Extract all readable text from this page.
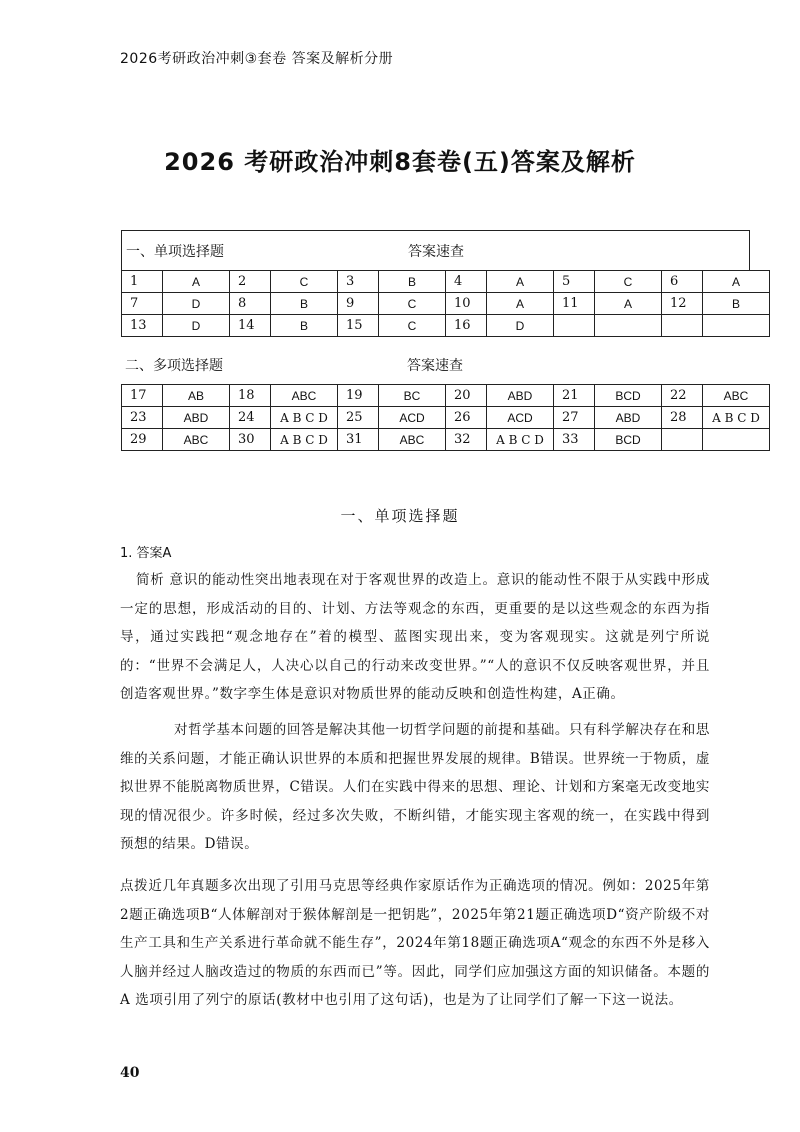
2026考研政治冲刺③套卷 答案及解析分册
2026 考研政治冲刺8套卷(五)答案及解析
一、单项选择题	答案速查
1	A	2	C	3	B	4	A	5	C	6	A
7	D	8	B	9	C	10	A	11	A	12	B
13	D	14	B	15	C	16	D				
二、多项选择题	答案速查
17	AB	18	ABC	19	BC	20	ABD	21	BCD	22	ABC
23	ABD	24	A B C D	25	ACD	26	ACD	27	ABD	28	A B C D
29	ABC	30	A B C D	31	ABC	32	A B C D	33	BCD		
一、单项选择题
1. 答案A
简析 意识的能动性突出地表现在对于客观世界的改造上。意识的能动性不限于从实践中形成一定的思想，形成活动的目的、计划、方法等观念的东西，更重要的是以这些观念的东西为指导，通过实践把“观念地存在”着的模型、蓝图实现出来，变为客观现实。这就是列宁所说的：“世界不会满足人，人决心以自己的行动来改变世界。”“人的意识不仅反映客观世界，并且创造客观世界。”数字孪生体是意识对物质世界的能动反映和创造性构建，A正确。
对哲学基本问题的回答是解决其他一切哲学问题的前提和基础。只有科学解决存在和思维的关系问题，才能正确认识世界的本质和把握世界发展的规律。B错误。世界统一于物质，虚拟世界不能脱离物质世界，C错误。人们在实践中得来的思想、理论、计划和方案毫无改变地实现的情况很少。许多时候，经过多次失败，不断纠错，才能实现主客观的统一，在实践中得到预想的结果。D错误。
点拨近几年真题多次出现了引用马克思等经典作家原话作为正确选项的情况。例如：2025年第2题正确选项B“人体解剖对于猴体解剖是一把钥匙”，2025年第21题正确选项D“资产阶级不对生产工具和生产关系进行革命就不能生存”，2024年第18题正确选项A“观念的东西不外是移入人脑并经过人脑改造过的物质的东西而已”等。因此，同学们应加强这方面的知识储备。本题的A 选项引用了列宁的原话(教材中也引用了这句话)，也是为了让同学们了解一下这一说法。
40
